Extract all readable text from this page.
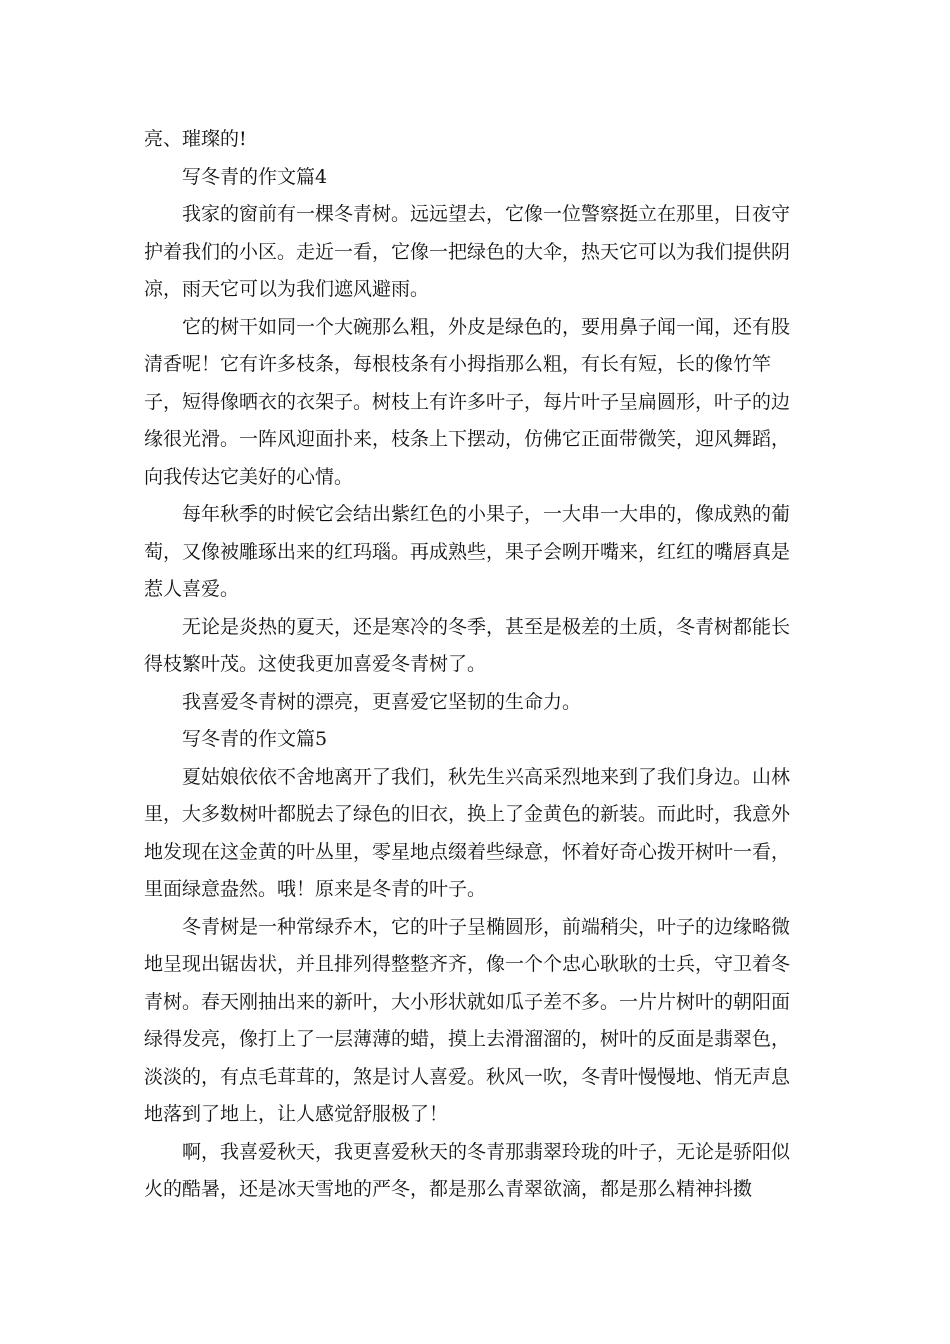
亮、璀璨的!
写冬青的作文篇4
我家的窗前有一棵冬青树。远远望去，它像一位警察挺立在那里，日夜守
护着我们的小区。走近一看，它像一把绿色的大伞，热天它可以为我们提供阴
凉，雨天它可以为我们遮风避雨。
它的树干如同一个大碗那么粗，外皮是绿色的，要用鼻子闻一闻，还有股
清香呢！它有许多枝条，每根枝条有小拇指那么粗，有长有短，长的像竹竿
子，短得像晒衣的衣架子。树枝上有许多叶子，每片叶子呈扁圆形，叶子的边
缘很光滑。一阵风迎面扑来，枝条上下摆动，仿佛它正面带微笑，迎风舞蹈，
向我传达它美好的心情。
每年秋季的时候它会结出紫红色的小果子，一大串一大串的，像成熟的葡
萄，又像被雕琢出来的红玛瑙。再成熟些，果子会咧开嘴来，红红的嘴唇真是
惹人喜爱。
无论是炎热的夏天，还是寒冷的冬季，甚至是极差的土质，冬青树都能长
得枝繁叶茂。这使我更加喜爱冬青树了。
我喜爱冬青树的漂亮，更喜爱它坚韧的生命力。
写冬青的作文篇5
夏姑娘依依不舍地离开了我们，秋先生兴高采烈地来到了我们身边。山林
里，大多数树叶都脱去了绿色的旧衣，换上了金黄色的新装。而此时，我意外
地发现在这金黄的叶丛里，零星地点缀着些绿意，怀着好奇心拨开树叶一看，
里面绿意盎然。哦！原来是冬青的叶子。
冬青树是一种常绿乔木，它的叶子呈椭圆形，前端稍尖，叶子的边缘略微
地呈现出锯齿状，并且排列得整整齐齐，像一个个忠心耿耿的士兵，守卫着冬
青树。春天刚抽出来的新叶，大小形状就如瓜子差不多。一片片树叶的朝阳面
绿得发亮，像打上了一层薄薄的蜡，摸上去滑溜溜的，树叶的反面是翡翠色，
淡淡的，有点毛茸茸的，煞是讨人喜爱。秋风一吹，冬青叶慢慢地、悄无声息
地落到了地上，让人感觉舒服极了！
啊，我喜爱秋天，我更喜爱秋天的冬青那翡翠玲珑的叶子，无论是骄阳似
火的酷暑，还是冰天雪地的严冬，都是那么青翠欲滴，都是那么精神抖擞
